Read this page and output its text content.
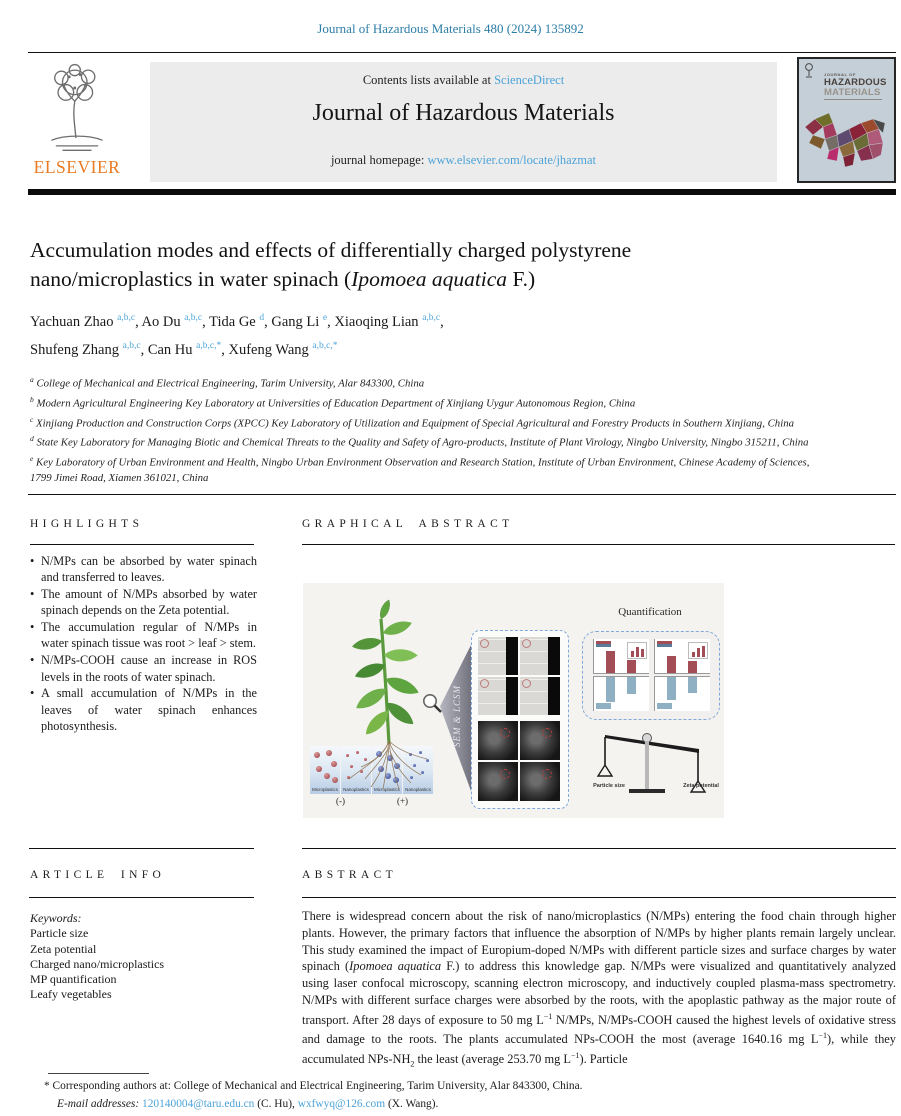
Journal of Hazardous Materials 480 (2024) 135892
ELSEVIER
Contents lists available at ScienceDirect
Journal of Hazardous Materials
journal homepage: www.elsevier.com/locate/jhazmat
JOURNAL OF
HAZARDOUS
MATERIALS
Accumulation modes and effects of differentially charged polystyrene nano/microplastics in water spinach (Ipomoea aquatica F.)
Yachuan Zhao $^{a,b,c}$, Ao Du $^{a,b,c}$, Tida Ge $^d$, Gang Li $^e$, Xiaoqing Lian $^{a,b,c}$,
Shufeng Zhang $^{a,b,c}$, Can Hu $^{a,b,c,*}$, Xufeng Wang $^{a,b,c,*}$
$^a$ College of Mechanical and Electrical Engineering, Tarim University, Alar 843300, China
$^b$ Modern Agricultural Engineering Key Laboratory at Universities of Education Department of Xinjiang Uygur Autonomous Region, China
$^c$ Xinjiang Production and Construction Corps (XPCC) Key Laboratory of Utilization and Equipment of Special Agricultural and Forestry Products in Southern Xinjiang, China
$^d$ State Key Laboratory for Managing Biotic and Chemical Threats to the Quality and Safety of Agro-products, Institute of Plant Virology, Ningbo University, Ningbo 315211, China
$^e$ Key Laboratory of Urban Environment and Health, Ningbo Urban Environment Observation and Research Station, Institute of Urban Environment, Chinese Academy of Sciences, 1799 Jimei Road, Xiamen 361021, China
HIGHLIGHTS
• N/MPs can be absorbed by water spinach and transferred to leaves.
• The amount of N/MPs absorbed by water spinach depends on the Zeta potential.
• The accumulation regular of N/MPs in water spinach tissue was root > leaf > stem.
• N/MPs-COOH cause an increase in ROS levels in the roots of water spinach.
• A small accumulation of N/MPs in the leaves of water spinach enhances photosynthesis.
GRAPHICAL ABSTRACT
Microplastics	Nanoplastics	Microplastics	Nanoplastics
(-)	(+)
SEM & LCSM
Quantification
Particle size	Zeta potential
ARTICLE INFO	ABSTRACT
Keywords:
Particle size
Zeta potential
Charged nano/microplastics
MP quantification
Leafy vegetables
There is widespread concern about the risk of nano/microplastics (N/MPs) entering the food chain through higher plants. However, the primary factors that influence the absorption of N/MPs by higher plants remain largely unclear. This study examined the impact of Europium-doped N/MPs with different particle sizes and surface charges by water spinach (Ipomoea aquatica F.) to address this knowledge gap. N/MPs were visualized and quantitatively analyzed using laser confocal microscopy, scanning electron microscopy, and inductively coupled plasma-mass spectrometry. N/MPs with different surface charges were absorbed by the roots, with the apoplastic pathway as the major route of transport. After 28 days of exposure to 50 mg $L^{-1}$ N/MPs, N/MPs-COOH caused the highest levels of oxidative stress and damage to the roots. The plants accumulated NPs-COOH the most (average 1640.16 mg $L^{-1}$), while they accumulated NPs-$NH_2$ the least (average 253.70 mg $L^{-1}$). Particle
* Corresponding authors at: College of Mechanical and Electrical Engineering, Tarim University, Alar 843300, China.
E-mail addresses: 120140004@taru.edu.cn (C. Hu), wxfwyq@126.com (X. Wang).
